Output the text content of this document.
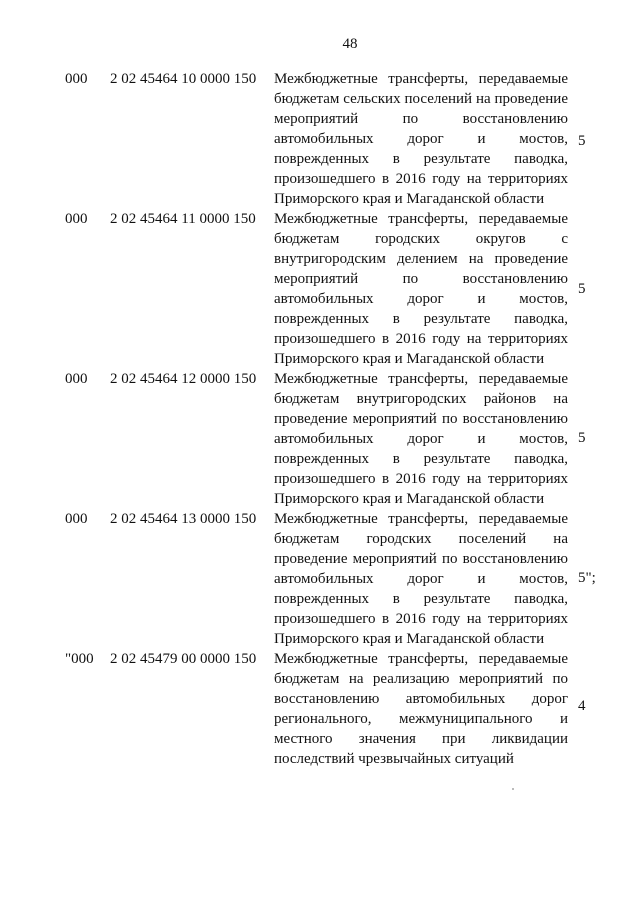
48
000 2 02 45464 10 0000 150 Межбюджетные трансферты, передаваемые бюджетам сельских поселений на проведение мероприятий по восстановлению автомобильных дорог и мостов, поврежденных в результате паводка, произошедшего в 2016 году на территориях Приморского края и Магаданской области
5
000 2 02 45464 11 0000 150 Межбюджетные трансферты, передаваемые бюджетам городских округов с внутригородским делением на проведение мероприятий по восстановлению автомобильных дорог и мостов, поврежденных в результате паводка, произошедшего в 2016 году на территориях Приморского края и Магаданской области
5
000 2 02 45464 12 0000 150 Межбюджетные трансферты, передаваемые бюджетам внутригородских районов на проведение мероприятий по восстановлению автомобильных дорог и мостов, поврежденных в результате паводка, произошедшего в 2016 году на территориях Приморского края и Магаданской области
5
000 2 02 45464 13 0000 150 Межбюджетные трансферты, передаваемые бюджетам городских поселений на проведение мероприятий по восстановлению автомобильных дорог и мостов, поврежденных в результате паводка, произошедшего в 2016 году на территориях Приморского края и Магаданской области
5";
"000 2 02 45479 00 0000 150 Межбюджетные трансферты, передаваемые бюджетам на реализацию мероприятий по восстановлению автомобильных дорог регионального, межмуниципального и местного значения при ликвидации последствий чрезвычайных ситуаций
4
